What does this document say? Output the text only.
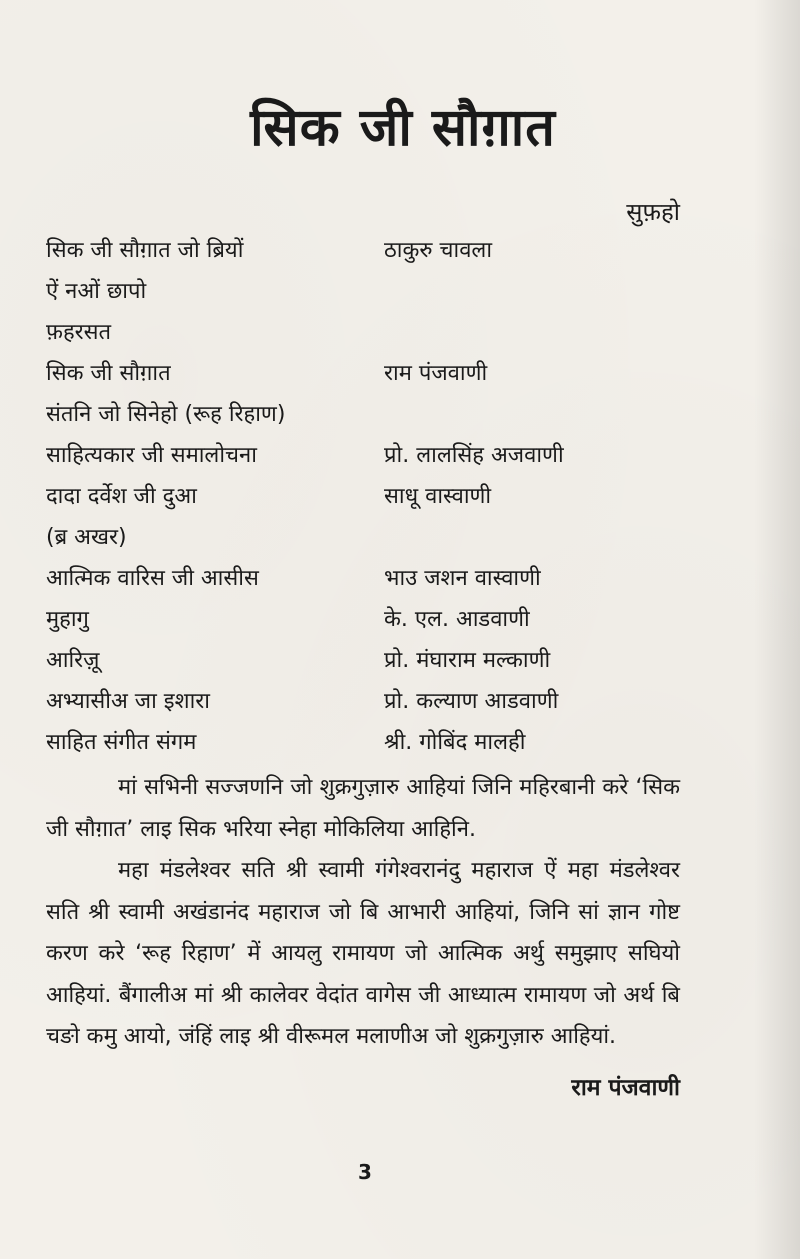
सिक जी सौग़ात
सुफ़हो
सिक जी सौग़ात जो ब्रियों	ठाकुरु चावला
ऐं नओं छापो
फ़हरसत
सिक जी सौग़ात	राम पंजवाणी
संतनि जो सिनेहो (रूह रिहाण)
साहित्यकार जी समालोचना	प्रो. लालसिंह अजवाणी
दादा दर्वेश जी दुआ	साधू वास्वाणी
(ब्र अखर)
आत्मिक वारिस जी आसीस	भाउ जशन वास्वाणी
मुहागु	के. एल. आडवाणी
आरिज़ू	प्रो. मंघाराम मल्काणी
अभ्यासीअ जा इशारा	प्रो. कल्याण आडवाणी
साहित संगीत संगम	श्री. गोबिंद मालही

मां सभिनी सज्जणनि जो शुक्रगुज़ारु आहियां जिनि महिरबानी करे ‘सिक जी सौग़ात’ लाइ सिक भरिया स्नेहा मोकिलिया आहिनि.

महा मंडलेश्वर सति श्री स्वामी गंगेश्वरानंदु महाराज ऐं महा मंडलेश्वर सति श्री स्वामी अखंडानंद महाराज जो बि आभारी आहियां, जिनि सां ज्ञान गोष्ट करण करे ‘रूह रिहाण’ में आयलु रामायण जो आत्मिक अर्थु समुझाए सघियो आहियां. बैंगालीअ मां श्री कालेवर वेदांत वागेस जी आध्यात्म रामायण जो अर्थ बि चङो कमु आयो, जंहिं लाइ श्री वीरूमल मलाणीअ जो शुक्रगुज़ारु आहियां.

राम पंजवाणी
3
